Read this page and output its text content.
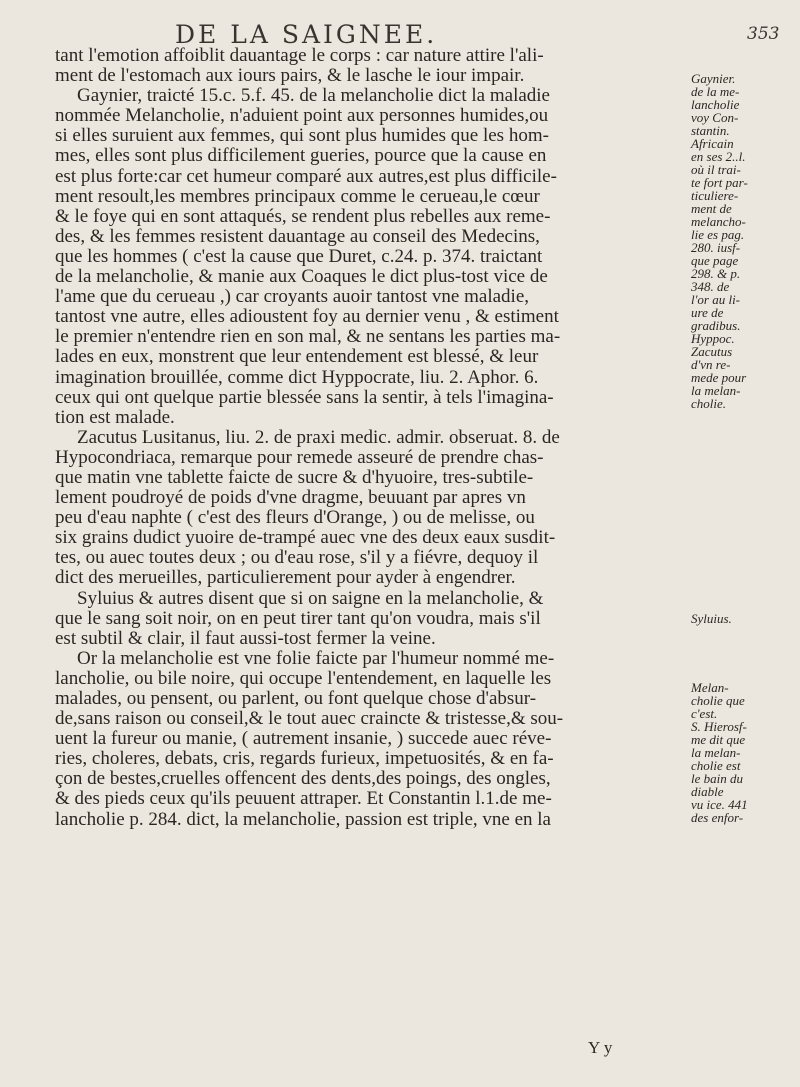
DE LA SAIGNEE.	353
tant l'emotion affoiblit dauantage le corps : car nature attire l'ali-
ment de l'estomach aux iours pairs, & le lasche le iour impair.
Gaynier, traicté 15.c. 5.f. 45. de la melancholie dict la maladie
nommée Melancholie, n'aduient point aux personnes humides,ou
si elles suruient aux femmes, qui sont plus humides que les hom-
mes, elles sont plus difficilement gueries, pource que la cause en
est plus forte:car cet humeur comparé aux autres,est plus difficile-
ment resoult,les membres principaux comme le cerueau,le cœur
& le foye qui en sont attaqués, se rendent plus rebelles aux reme-
des, & les femmes resistent dauantage au conseil des Medecins,
que les hommes ( c'est la cause que Duret, c.24. p. 374. traictant
de la melancholie, & manie aux Coaques le dict plus-tost vice de
l'ame que du cerueau ,) car croyants auoir tantost vne maladie,
tantost vne autre, elles adioustent foy au dernier venu , & estiment
le premier n'entendre rien en son mal, & ne sentans les parties ma-
lades en eux, monstrent que leur entendement est blessé, & leur
imagination brouillée, comme dict Hyppocrate, liu. 2. Aphor. 6.
ceux qui ont quelque partie blessée sans la sentir, à tels l'imagina-
tion est malade.
Zacutus Lusitanus, liu. 2. de praxi medic. admir. obseruat. 8. de
Hypocondriaca, remarque pour remede asseuré de prendre chas-
que matin vne tablette faicte de sucre & d'hyuoire, tres-subtile-
lement poudroyé de poids d'vne dragme, beuuant par apres vn
peu d'eau naphte ( c'est des fleurs d'Orange, ) ou de melisse, ou
six grains dudict yuoire de-trampé auec vne des deux eaux susdit-
tes, ou auec toutes deux ; ou d'eau rose, s'il y a fiévre, dequoy il
dict des merueilles, particulierement pour ayder à engendrer.
Syluius & autres disent que si on saigne en la melancholie, &
que le sang soit noir, on en peut tirer tant qu'on voudra, mais s'il
est subtil & clair, il faut aussi-tost fermer la veine.
Or la melancholie est vne folie faicte par l'humeur nommé me-
lancholie, ou bile noire, qui occupe l'entendement, en laquelle les
malades, ou pensent, ou parlent, ou font quelque chose d'absur-
de,sans raison ou conseil,& le tout auec craincte & tristesse,& sou-
uent la fureur ou manie, ( autrement insanie, ) succede auec réve-
ries, choleres, debats, cris, regards furieux, impetuosités, & en fa-
çon de bestes,cruelles offencent des dents,des poings, des ongles,
& des pieds ceux qu'ils peuuent attraper. Et Constantin l.1.de me-
lancholie p. 284. dict, la melancholie, passion est triple, vne en la
Gaynier.
de la me-
lancholie
voy Con-
stantin.
Africain
en ses 2..l.
où il trai-
te fort par-
ticuliere-
ment de
melancho-
lie es pag.
280. iusf-
que page
298. & p.
348. de
l'or au li-
ure de
gradibus.
Hyppoc.
Zacutus
d'vn re-
mede pour
la melan-
cholie.
Syluius.
Melan-
cholie que
c'est.
S. Hierosf-
me dit que
la melan-
cholie est
le bain du
diable
vu ice. 441
des enfor-
Y y
